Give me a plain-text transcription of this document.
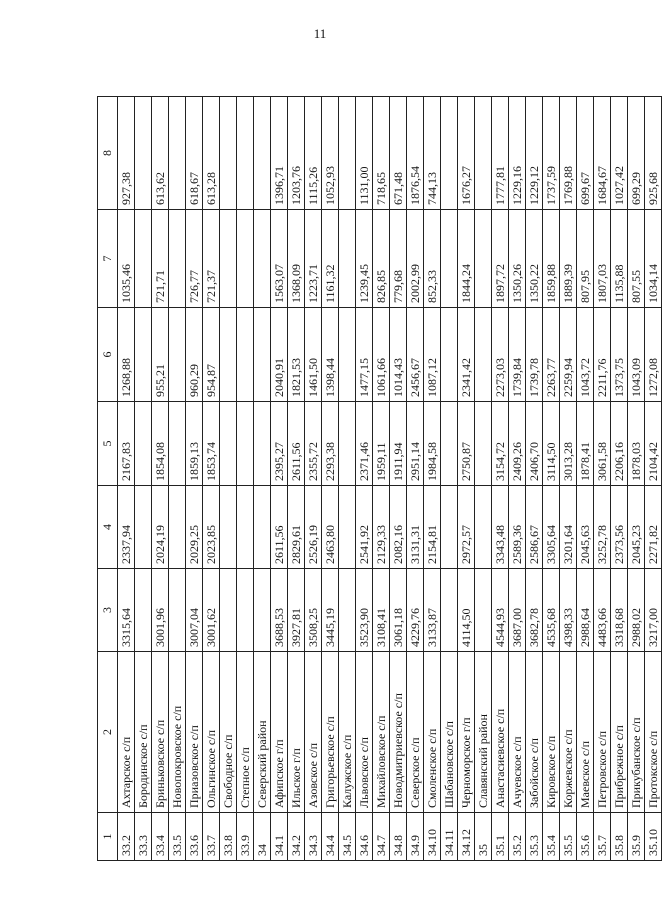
11
1	2	3	4	5	6	7	8
33.2	Ахтарское с/п	3315,64	2337,94	2167,83	1268,88	1035,46	927,38
33.3	Бородинское с/п						
33.4	Бриньковское с/п	3001,96	2024,19	1854,08	955,21	721,71	613,62
33.5	Новопокровское с/п						
33.6	Приазовское с/п	3007,04	2029,25	1859,13	960,29	726,77	618,67
33.7	Ольгинское с/п	3001,62	2023,85	1853,74	954,87	721,37	613,28
33.8	Свободное с/п						
33.9	Степное с/п						
34	Северский район						
34.1	Афипское г/п	3688,53	2611,56	2395,27	2040,91	1563,07	1396,71
34.2	Ильское г/п	3927,81	2829,61	2611,56	1821,53	1368,09	1203,76
34.3	Азовское с/п	3508,25	2526,19	2355,72	1461,50	1223,71	1115,26
34.4	Григорьевское с/п	3445,19	2463,80	2293,38	1398,44	1161,32	1052,93
34.5	Калужское с/п						
34.6	Львовское с/п	3523,90	2541,92	2371,46	1477,15	1239,45	1131,00
34.7	Михайловское с/п	3108,41	2129,33	1959,11	1061,66	826,85	718,65
34.8	Новодмитриевское с/п	3061,18	2082,16	1911,94	1014,43	779,68	671,48
34.9	Северское с/п	4229,76	3131,31	2951,14	2456,67	2002,99	1876,54
34.10	Смоленское с/п	3133,87	2154,81	1984,58	1087,12	852,33	744,13
34.11	Шабановское с/п						
34.12	Черноморское г/п	4114,50	2972,57	2750,87	2341,42	1844,24	1676,27
35	Славянский район						
35.1	Анастасиевское с/п	4544,93	3343,48	3154,72	2273,03	1897,72	1777,81
35.2	Ачуевское с/п	3687,00	2589,36	2409,26	1739,84	1350,26	1229,16
35.3	Забойское с/п	3682,78	2586,67	2406,70	1739,78	1350,22	1229,12
35.4	Кировское с/п	4535,68	3305,64	3114,50	2263,77	1859,88	1737,59
35.5	Коржевское с/п	4398,33	3201,64	3013,28	2259,94	1889,39	1769,88
35.6	Маевское с/п	2988,64	2045,63	1878,41	1043,72	807,95	699,67
35.7	Петровское с/п	4483,66	3252,78	3061,58	2211,76	1807,03	1684,67
35.8	Прибрежное с/п	3318,68	2373,56	2206,16	1373,75	1135,88	1027,42
35.9	Прикубанское с/п	2988,02	2045,23	1878,03	1043,09	807,55	699,29
35.10	Протокское с/п	3217,00	2271,82	2104,42	1272,08	1034,14	925,68
